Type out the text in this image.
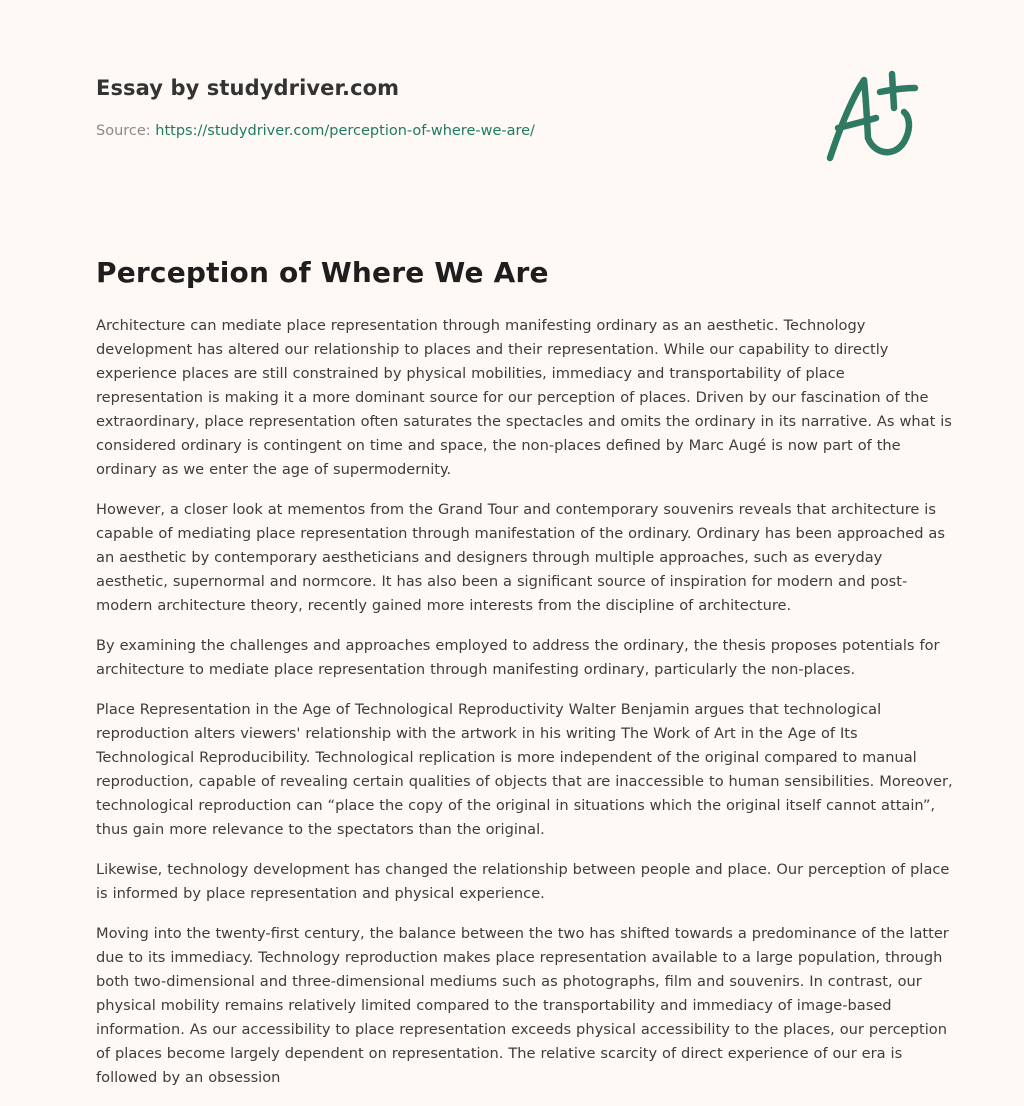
Essay by studydriver.com
Source: https://studydriver.com/perception-of-where-we-are/
Perception of Where We Are

Architecture can mediate place representation through manifesting ordinary as an aesthetic. Technology development has altered our relationship to places and their representation. While our capability to directly experience places are still constrained by physical mobilities, immediacy and transportability of place representation is making it a more dominant source for our perception of places. Driven by our fascination of the extraordinary, place representation often saturates the spectacles and omits the ordinary in its narrative. As what is considered ordinary is contingent on time and space, the non-places defined by Marc Augé is now part of the ordinary as we enter the age of supermodernity.

However, a closer look at mementos from the Grand Tour and contemporary souvenirs reveals that architecture is capable of mediating place representation through manifestation of the ordinary. Ordinary has been approached as an aesthetic by contemporary aestheticians and designers through multiple approaches, such as everyday aesthetic, supernormal and normcore. It has also been a significant source of inspiration for modern and post-modern architecture theory, recently gained more interests from the discipline of architecture.

By examining the challenges and approaches employed to address the ordinary, the thesis proposes potentials for architecture to mediate place representation through manifesting ordinary, particularly the non-places.

Place Representation in the Age of Technological Reproductivity Walter Benjamin argues that technological reproduction alters viewers' relationship with the artwork in his writing The Work of Art in the Age of Its Technological Reproducibility. Technological replication is more independent of the original compared to manual reproduction, capable of revealing certain qualities of objects that are inaccessible to human sensibilities. Moreover, technological reproduction can “place the copy of the original in situations which the original itself cannot attain”, thus gain more relevance to the spectators than the original.

Likewise, technology development has changed the relationship between people and place. Our perception of place is informed by place representation and physical experience.

Moving into the twenty-first century, the balance between the two has shifted towards a predominance of the latter due to its immediacy. Technology reproduction makes place representation available to a large population, through both two-dimensional and three-dimensional mediums such as photographs, film and souvenirs. In contrast, our physical mobility remains relatively limited compared to the transportability and immediacy of image-based information. As our accessibility to place representation exceeds physical accessibility to the places, our perception of places become largely dependent on representation. The relative scarcity of direct experience of our era is followed by an obsession
